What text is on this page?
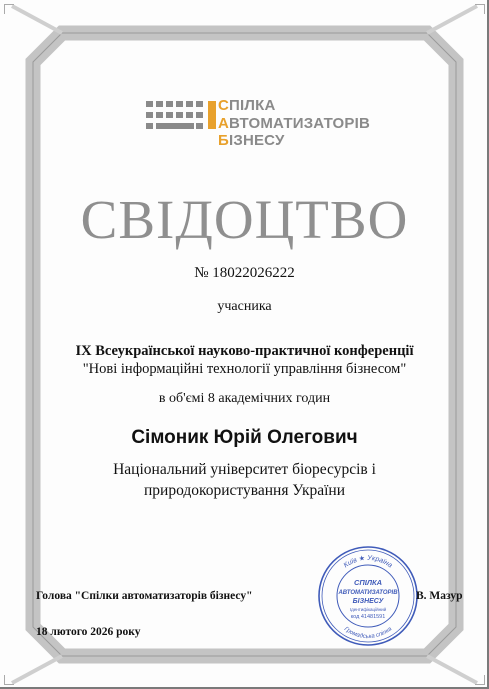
СПІЛКА
АВТОМАТИЗАТОРІВ
БІЗНЕСУ
СВІДОЦТВО
№ 18022026222
учасника
IX Всеукраїнської науково-практичної конференції
"Нові інформаційні технології управління бізнесом"
в об'ємі 8 академічних годин
Сімоник Юрій Олегович
Національний університет біоресурсів і
природокористування України
Голова "Спілки автоматизаторів бізнесу"
Київ ★ Україна
Громадська спілка
СПІЛКА
АВТОМАТИЗАТОРІВ
БІЗНЕСУ
Ідентифікаційний
код 41481591
В. Мазур
18 лютого 2026 року
